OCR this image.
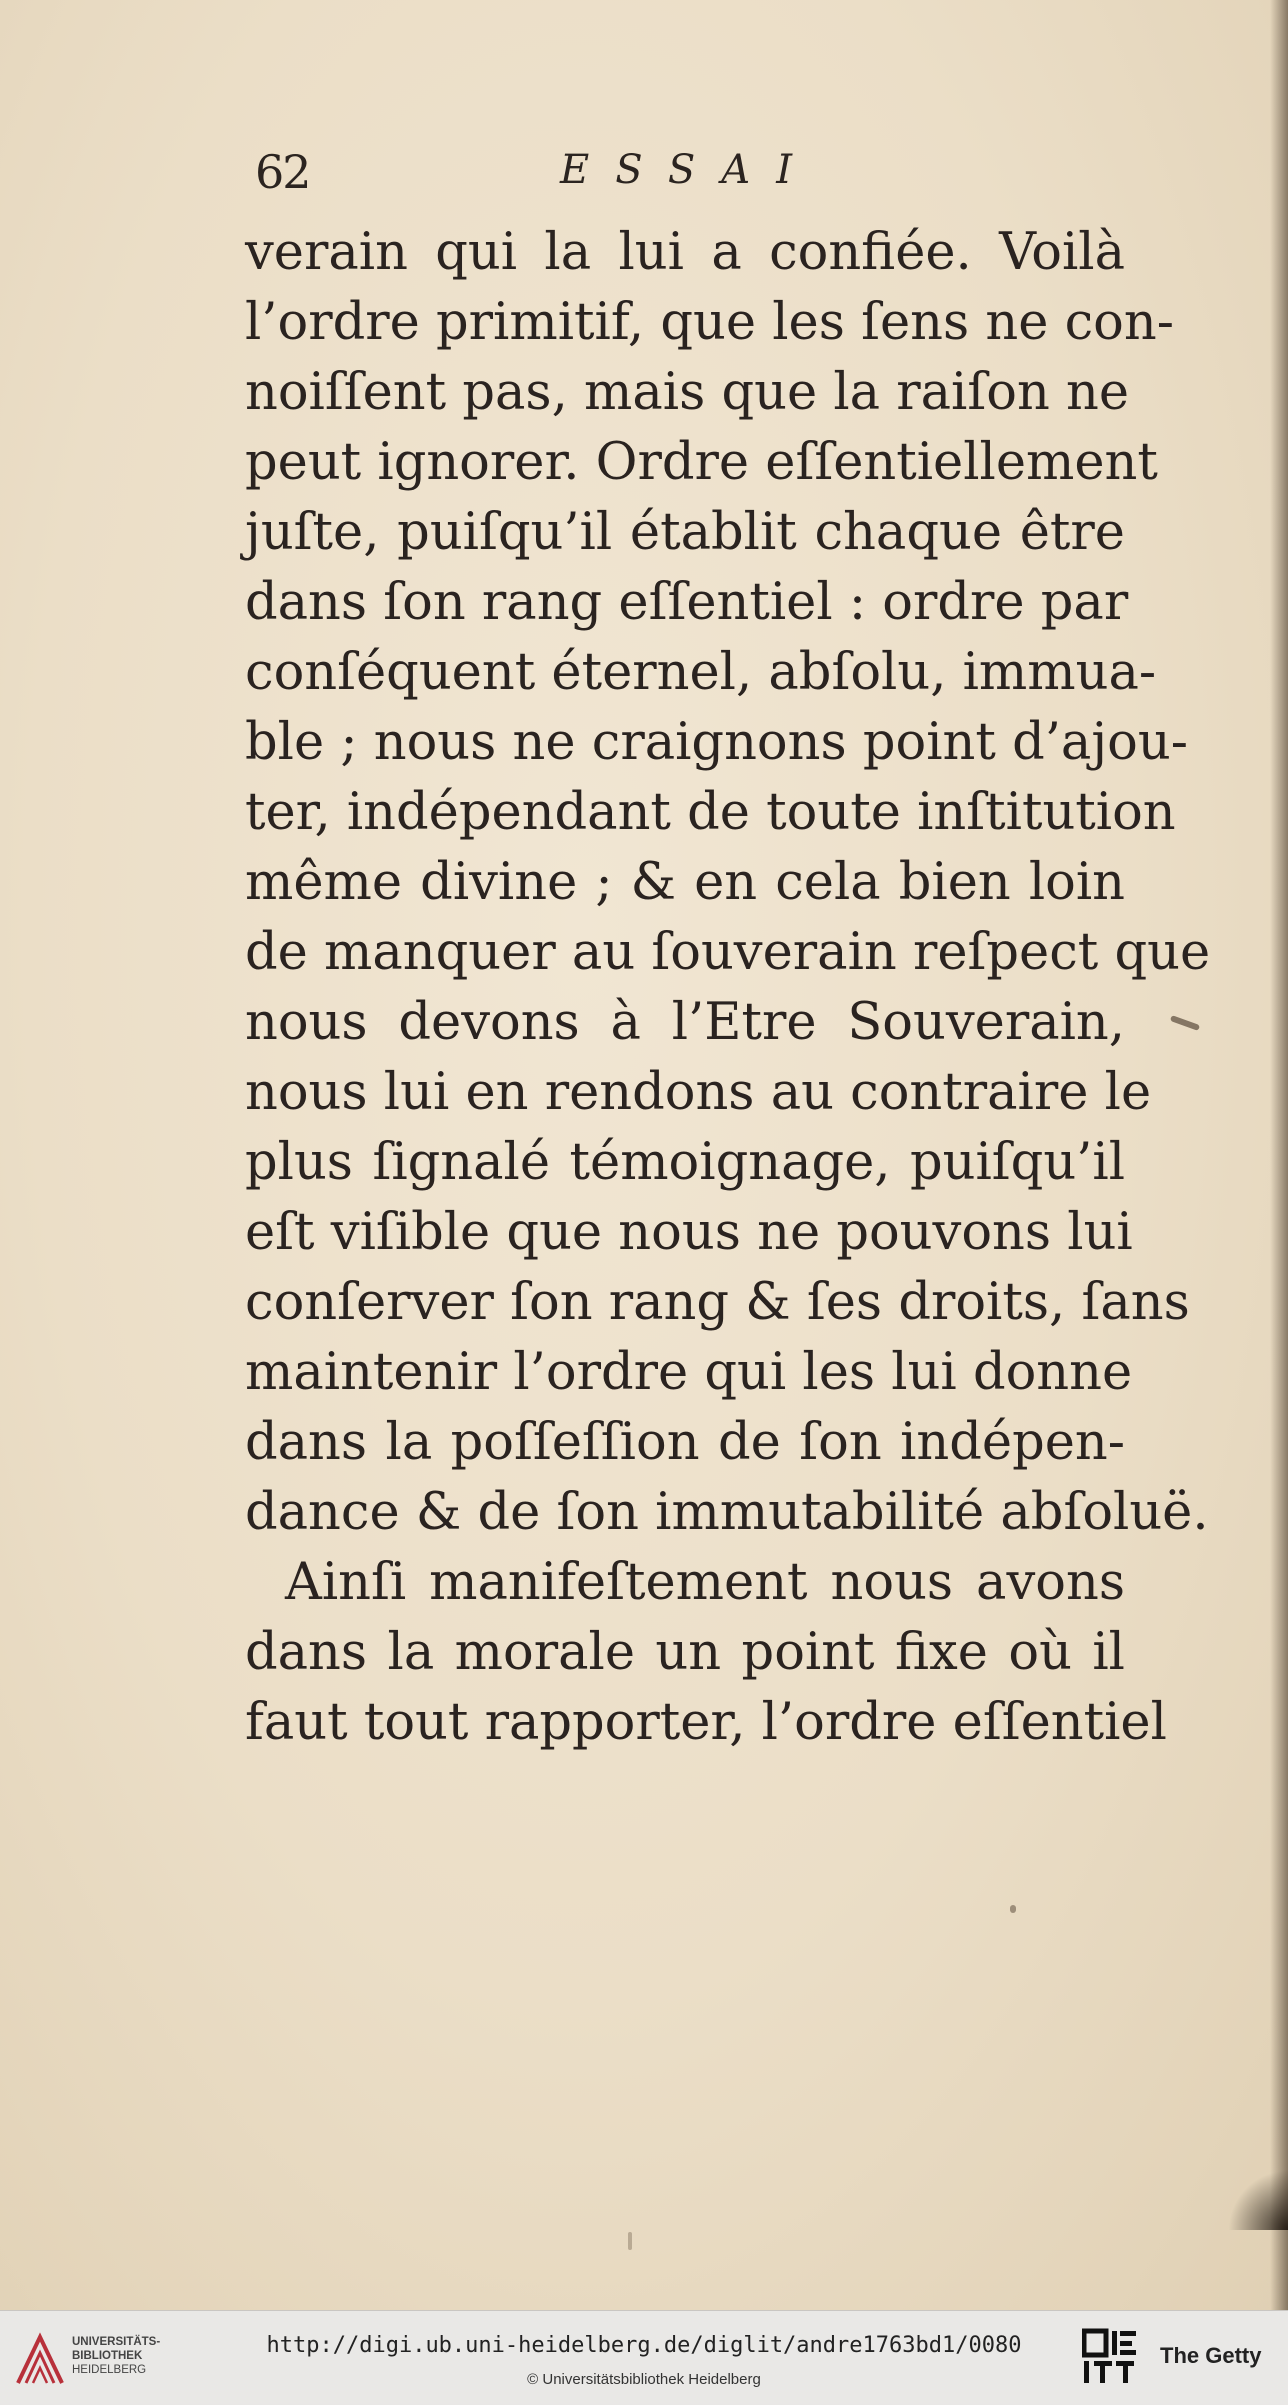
62	ESSAI
verain qui la lui a confiée. Voilà
l’ordre primitif, que les ſens ne con-
noiſſent pas, mais que la raiſon ne
peut ignorer. Ordre eſſentiellement
juſte, puiſqu’il établit chaque être
dans ſon rang eſſentiel : ordre par
conſéquent éternel, abſolu, immua-
ble ; nous ne craignons point d’ajou-
ter, indépendant de toute inſtitution
même divine ; & en cela bien loin
de manquer au ſouverain reſpect que
nous devons à l’Etre Souverain,
nous lui en rendons au contraire le
plus ſignalé témoignage, puiſqu’il
eſt viſible que nous ne pouvons lui
conſerver ſon rang & ſes droits, ſans
maintenir l’ordre qui les lui donne
dans la poſſeſſion de ſon indépen-
dance & de ſon immutabilité abſoluë.
Ainſi manifeſtement nous avons
dans la morale un point fixe où il
faut tout rapporter, l’ordre eſſentiel
UNIVERSITÄTS-
BIBLIOTHEK
HEIDELBERG
http://digi.ub.uni-heidelberg.de/diglit/andre1763bd1/0080
© Universitätsbibliothek Heidelberg
The Getty
